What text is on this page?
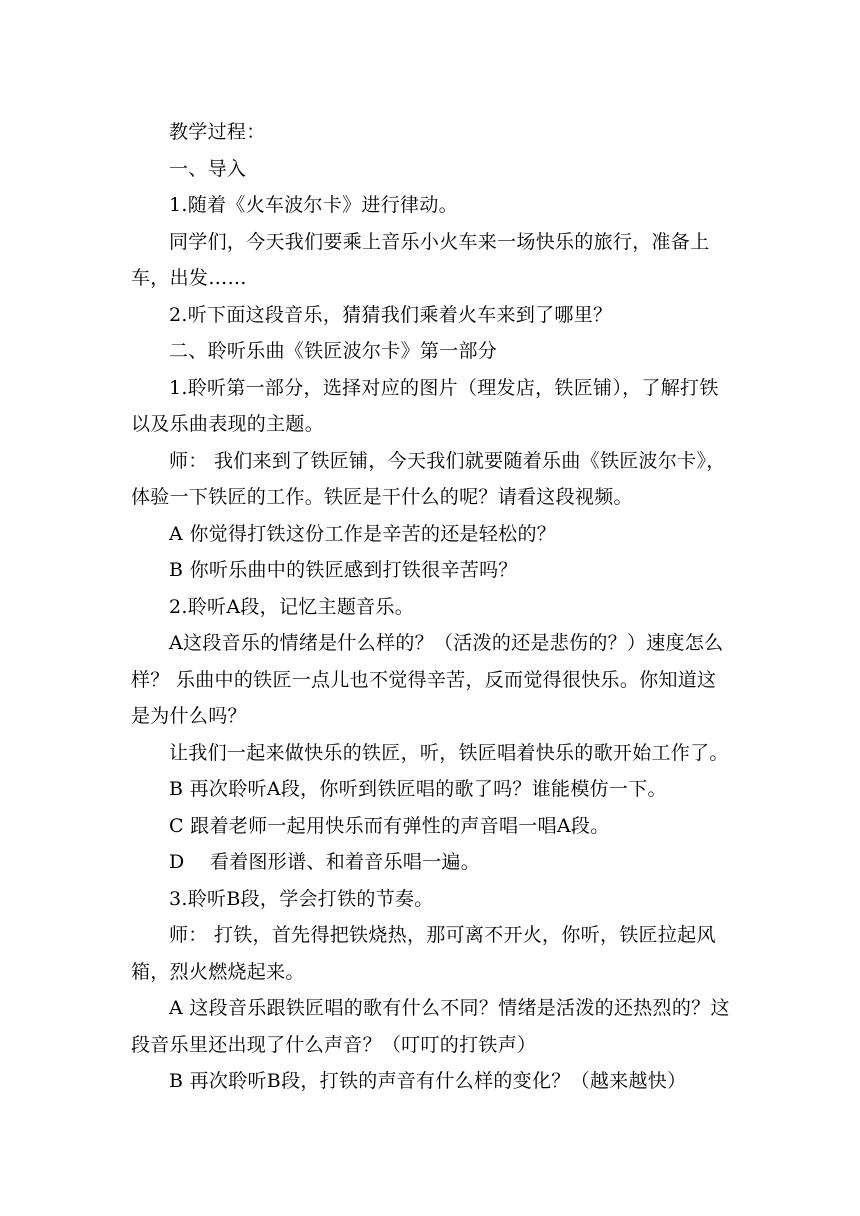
教学过程：

一、导入

1.随着《火车波尔卡》进行律动。

同学们，今天我们要乘上音乐小火车来一场快乐的旅行，准备上车，出发……

2.听下面这段音乐，猜猜我们乘着火车来到了哪里？

二、聆听乐曲《铁匠波尔卡》第一部分

1.聆听第一部分，选择对应的图片（理发店，铁匠铺），了解打铁以及乐曲表现的主题。

师： 我们来到了铁匠铺，今天我们就要随着乐曲《铁匠波尔卡》，体验一下铁匠的工作。铁匠是干什么的呢？请看这段视频。

A 你觉得打铁这份工作是辛苦的还是轻松的？

B 你听乐曲中的铁匠感到打铁很辛苦吗？

2.聆听A段，记忆主题音乐。

A这段音乐的情绪是什么样的？（活泼的还是悲伤的？）速度怎么样？ 乐曲中的铁匠一点儿也不觉得辛苦，反而觉得很快乐。你知道这是为什么吗？

让我们一起来做快乐的铁匠，听，铁匠唱着快乐的歌开始工作了。

B 再次聆听A段，你听到铁匠唱的歌了吗？谁能模仿一下。

C 跟着老师一起用快乐而有弹性的声音唱一唱A段。

D    看着图形谱、和着音乐唱一遍。

3.聆听B段，学会打铁的节奏。

师： 打铁，首先得把铁烧热，那可离不开火，你听，铁匠拉起风箱，烈火燃烧起来。

A 这段音乐跟铁匠唱的歌有什么不同？情绪是活泼的还热烈的？这段音乐里还出现了什么声音？（叮叮的打铁声）

B 再次聆听B段，打铁的声音有什么样的变化？（越来越快）
